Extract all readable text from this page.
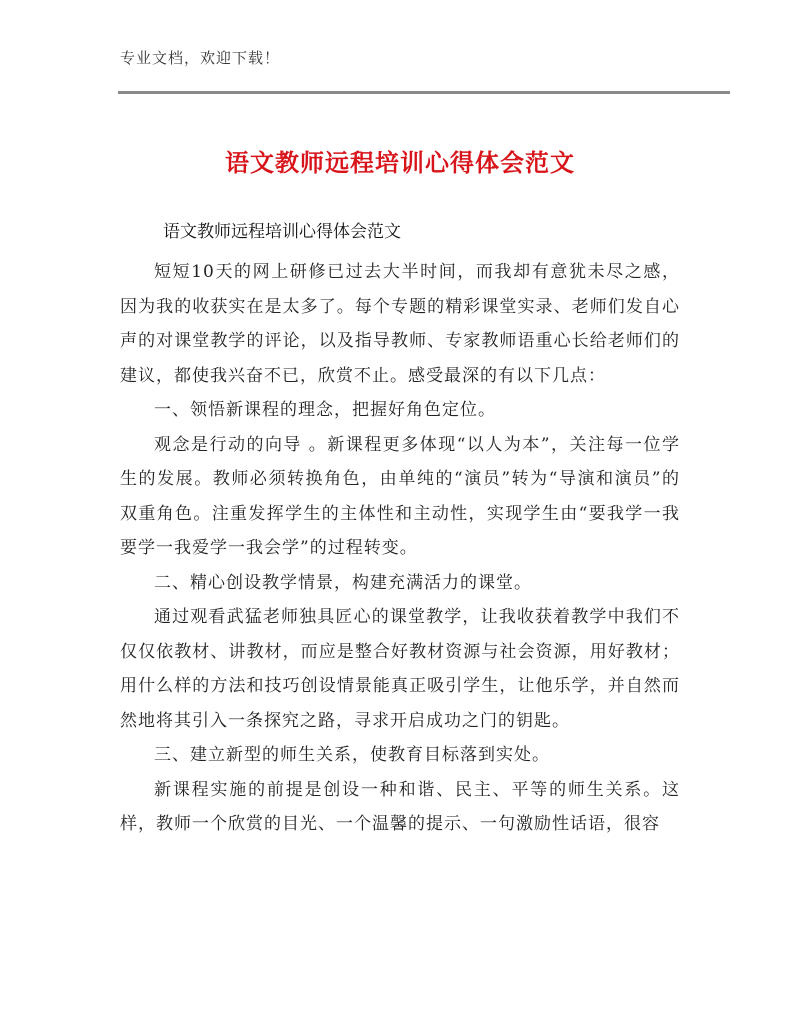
专业文档，欢迎下载！
语文教师远程培训心得体会范文
语文教师远程培训心得体会范文

短短10天的网上研修已过去大半时间，而我却有意犹未尽之感，因为我的收获实在是太多了。每个专题的精彩课堂实录、老师们发自心声的对课堂教学的评论，以及指导教师、专家教师语重心长给老师们的建议，都使我兴奋不已，欣赏不止。感受最深的有以下几点：

一、领悟新课程的理念，把握好角色定位。

观念是行动的向导 。新课程更多体现“以人为本”，关注每一位学生的发展。教师必须转换角色，由单纯的“演员”转为“导演和演员”的双重角色。注重发挥学生的主体性和主动性，实现学生由“要我学一我要学一我爱学一我会学”的过程转变。

二、精心创设教学情景，构建充满活力的课堂。

通过观看武猛老师独具匠心的课堂教学，让我收获着教学中我们不仅仅依教材、讲教材，而应是整合好教材资源与社会资源，用好教材；用什么样的方法和技巧创设情景能真正吸引学生，让他乐学，并自然而然地将其引入一条探究之路，寻求开启成功之门的钥匙。

三、建立新型的师生关系，使教育目标落到实处。

新课程实施的前提是创设一种和谐、民主、平等的师生关系。这样，教师一个欣赏的目光、一个温馨的提示、一句激励性话语，很容
